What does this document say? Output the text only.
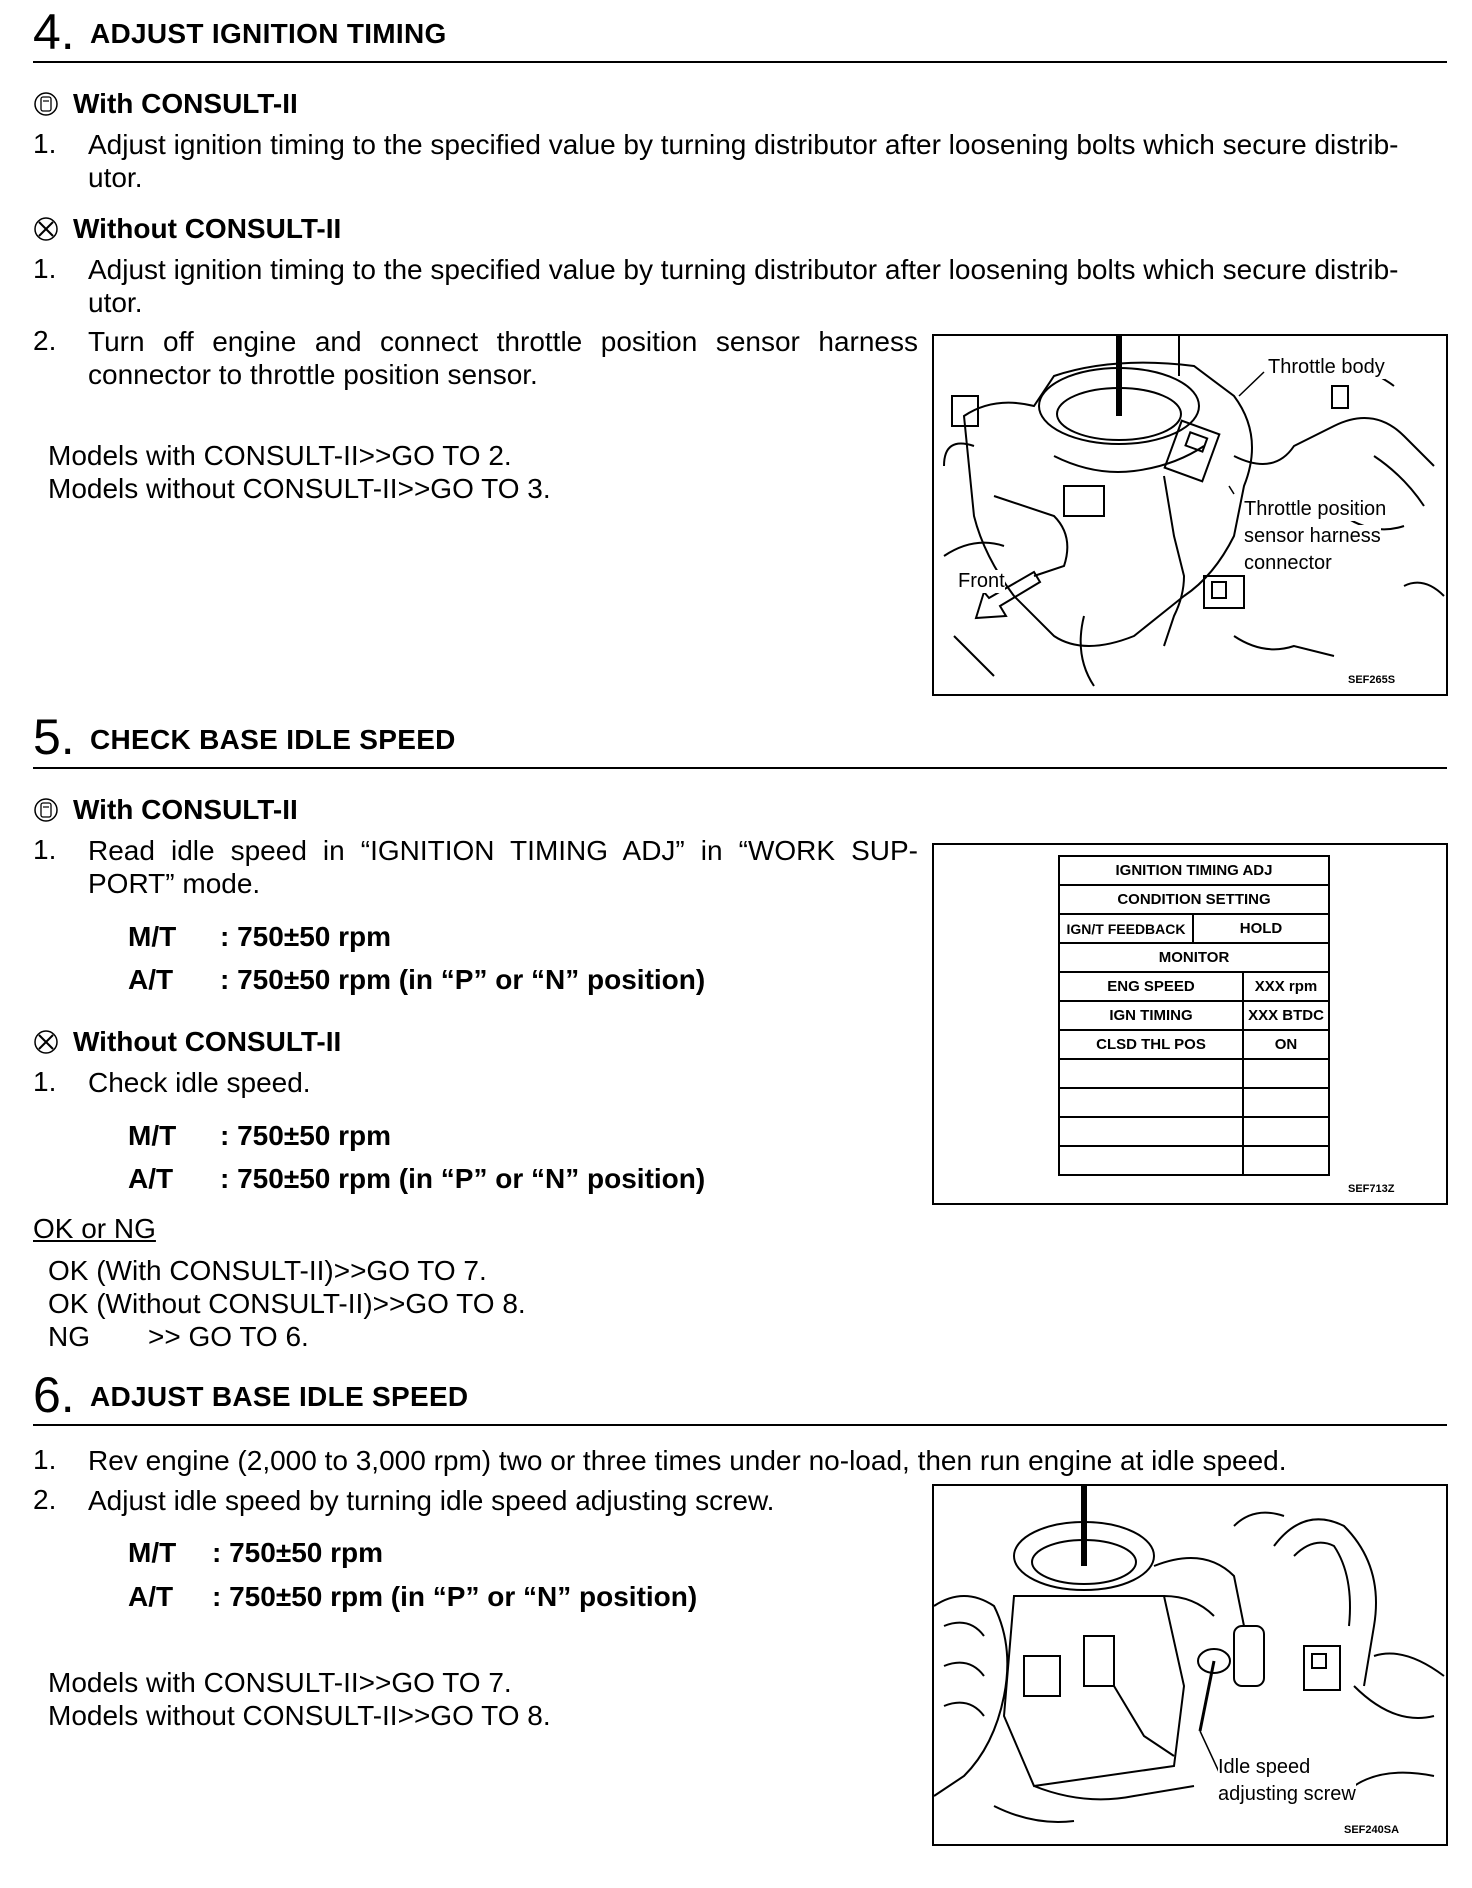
4. ADJUST IGNITION TIMING
With CONSULT-II
1. Adjust ignition timing to the specified value by turning distributor after loosening bolts which secure distrib-
utor.
Without CONSULT-II
1. Adjust ignition timing to the specified value by turning distributor after loosening bolts which secure distrib-
utor.
2. Turn off engine and connect throttle position sensor harness
connector to throttle position sensor.
Models with CONSULT-II>>GO TO 2.
Models without CONSULT-II>>GO TO 3.
Throttle body
Throttle position
sensor harness
connector
Front
SEF265S
5. CHECK BASE IDLE SPEED
With CONSULT-II
1. Read idle speed in “IGNITION TIMING ADJ” in “WORK SUP-
PORT” mode.
M/T : 750±50 rpm
A/T : 750±50 rpm (in “P” or “N” position)
Without CONSULT-II
1. Check idle speed.
M/T : 750±50 rpm
A/T : 750±50 rpm (in “P” or “N” position)
OK or NG
OK (With CONSULT-II)>>GO TO 7.
OK (Without CONSULT-II)>>GO TO 8.
NG >> GO TO 6.
IGNITION TIMING ADJ
CONDITION SETTING

IGN/T FEEDBACK	HOLD

MONITOR
ENG SPEED	XXX rpm
IGN TIMING	XXX BTDC
CLSD THL POS	ON

SEF713Z
6. ADJUST BASE IDLE SPEED
1. Rev engine (2,000 to 3,000 rpm) two or three times under no-load, then run engine at idle speed.
2. Adjust idle speed by turning idle speed adjusting screw.
M/T : 750±50 rpm
A/T : 750±50 rpm (in “P” or “N” position)
Models with CONSULT-II>>GO TO 7.
Models without CONSULT-II>>GO TO 8.
Idle speed
adjusting screw
SEF240SA
